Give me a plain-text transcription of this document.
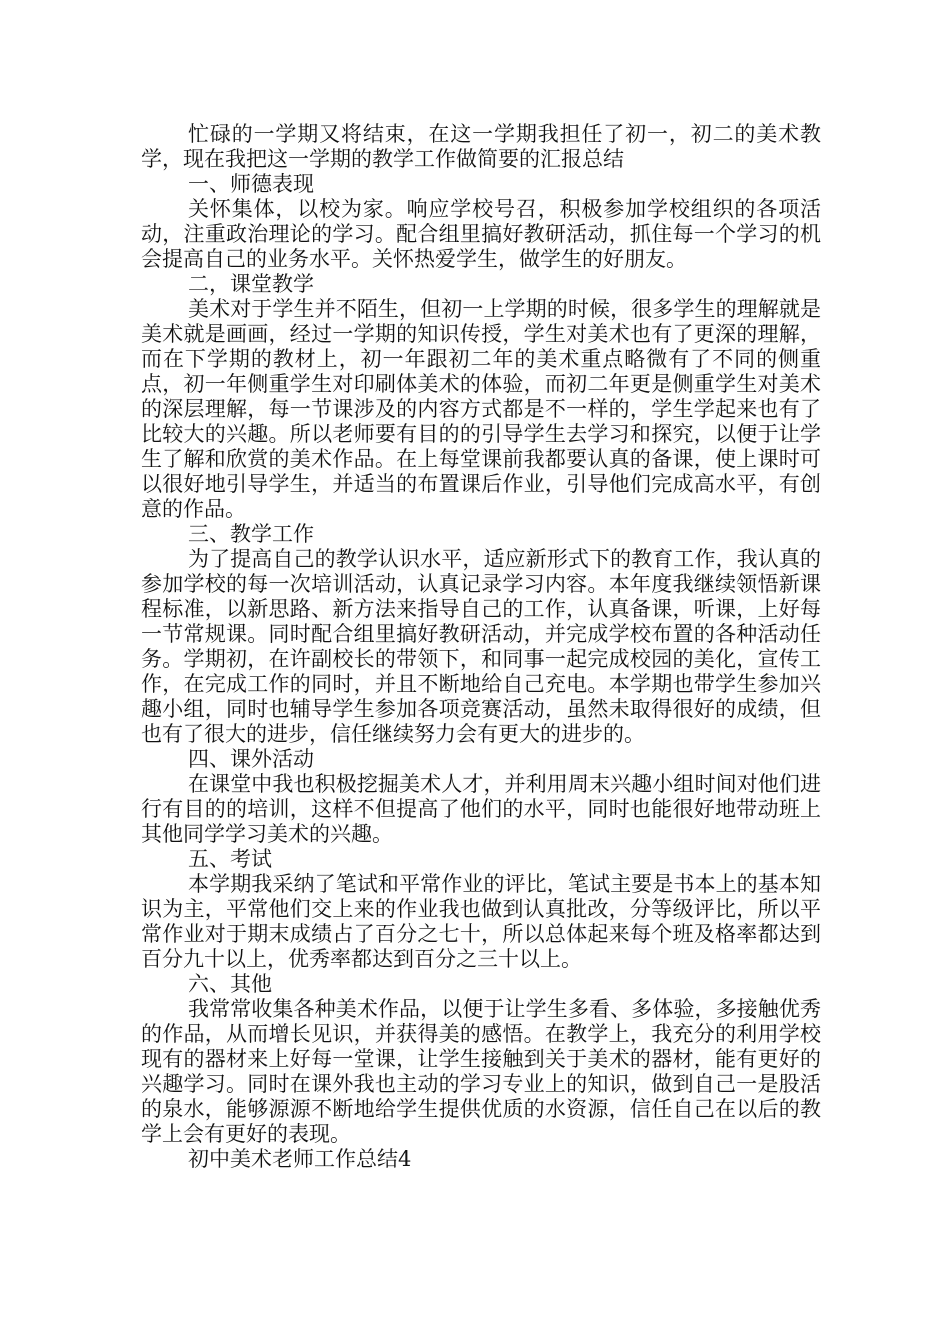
忙碌的一学期又将结束，在这一学期我担任了初一，初二的美术教学，现在我把这一学期的教学工作做简要的汇报总结

一、师德表现

关怀集体，以校为家。响应学校号召，积极参加学校组织的各项活动，注重政治理论的学习。配合组里搞好教研活动，抓住每一个学习的机会提高自己的业务水平。关怀热爱学生，做学生的好朋友。

二，课堂教学

美术对于学生并不陌生，但初一上学期的时候，很多学生的理解就是美术就是画画，经过一学期的知识传授，学生对美术也有了更深的理解，而在下学期的教材上，初一年跟初二年的美术重点略微有了不同的侧重点，初一年侧重学生对印刷体美术的体验，而初二年更是侧重学生对美术的深层理解，每一节课涉及的内容方式都是不一样的，学生学起来也有了比较大的兴趣。所以老师要有目的的引导学生去学习和探究，以便于让学生了解和欣赏的美术作品。在上每堂课前我都要认真的备课，使上课时可以很好地引导学生，并适当的布置课后作业，引导他们完成高水平，有创意的作品。

三、教学工作

为了提高自己的教学认识水平，适应新形式下的教育工作，我认真的参加学校的每一次培训活动，认真记录学习内容。本年度我继续领悟新课程标准，以新思路、新方法来指导自己的工作，认真备课，听课，上好每一节常规课。同时配合组里搞好教研活动，并完成学校布置的各种活动任务。学期初，在许副校长的带领下，和同事一起完成校园的美化，宣传工作，在完成工作的同时，并且不断地给自己充电。本学期也带学生参加兴趣小组，同时也辅导学生参加各项竞赛活动，虽然未取得很好的成绩，但也有了很大的进步，信任继续努力会有更大的进步的。

四、课外活动

在课堂中我也积极挖掘美术人才，并利用周末兴趣小组时间对他们进行有目的的培训，这样不但提高了他们的水平，同时也能很好地带动班上其他同学学习美术的兴趣。

五、考试

本学期我采纳了笔试和平常作业的评比，笔试主要是书本上的基本知识为主，平常他们交上来的作业我也做到认真批改，分等级评比，所以平常作业对于期末成绩占了百分之七十，所以总体起来每个班及格率都达到百分九十以上，优秀率都达到百分之三十以上。

六、其他

我常常收集各种美术作品，以便于让学生多看、多体验，多接触优秀的作品，从而增长见识，并获得美的感悟。在教学上，我充分的利用学校现有的器材来上好每一堂课，让学生接触到关于美术的器材，能有更好的兴趣学习。同时在课外我也主动的学习专业上的知识，做到自己一是股活的泉水，能够源源不断地给学生提供优质的水资源，信任自己在以后的教学上会有更好的表现。

初中美术老师工作总结4
